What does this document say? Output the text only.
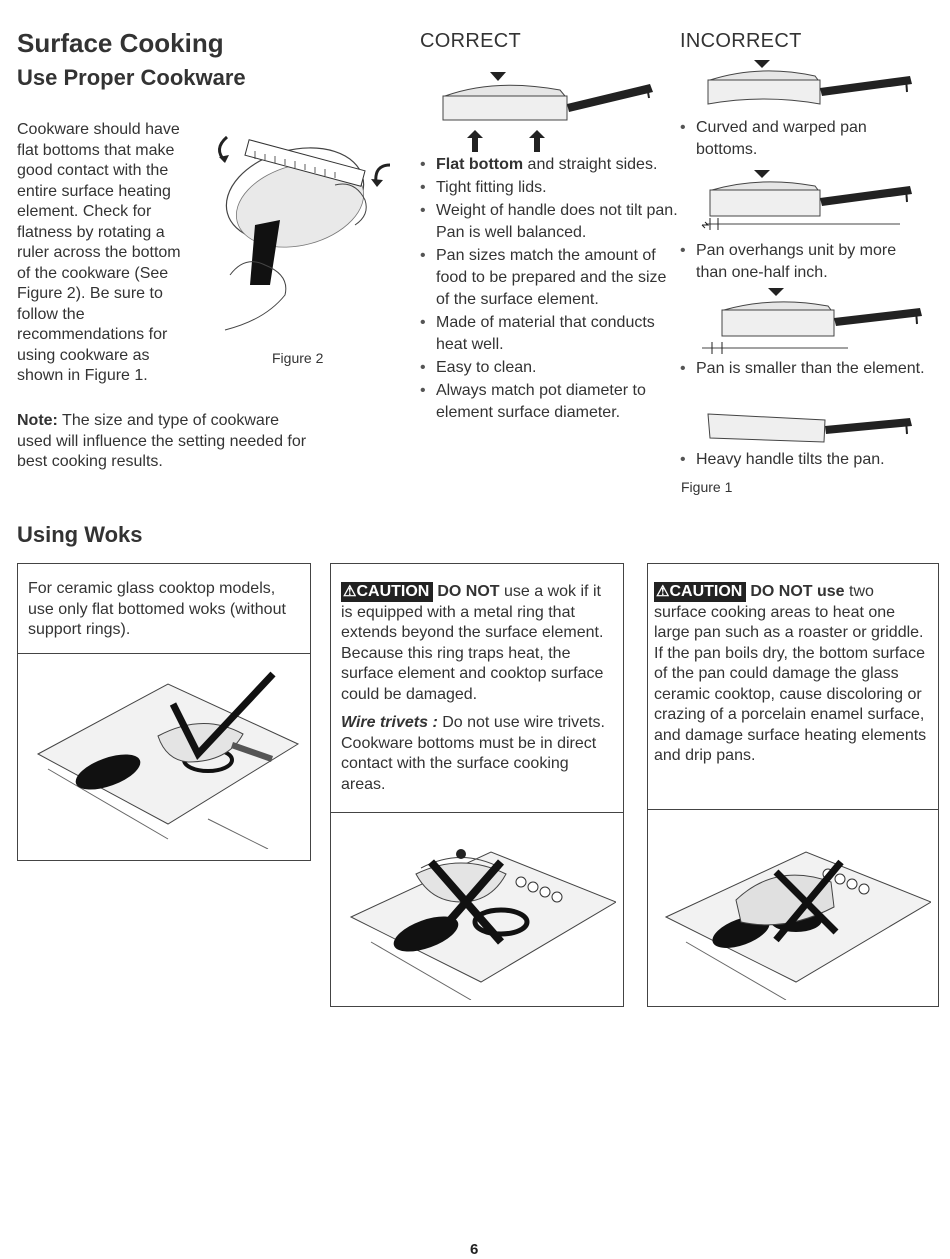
Surface Cooking
Use Proper Cookware
Cookware should have flat bottoms that make good contact with the entire surface heating element. Check for flatness by rotating a ruler across the bottom of the cookware (See Figure 2). Be sure to follow the recommendations for using cookware as shown in Figure 1.
Figure 2
Note: The size and type of cookware used will influence the setting needed for best cooking results.
CORRECT
• Flat bottom and straight sides.
• Tight fitting lids.
• Weight of handle does not tilt pan. Pan is well balanced.
• Pan sizes match the amount of food to be prepared and the size of the surface element.
• Made of material that conducts heat well.
• Easy to clean.
• Always match pot diameter to element surface diameter.
INCORRECT
• Curved and warped pan bottoms.
• Pan overhangs unit by more than one-half inch.
• Pan is smaller than the element.
• Heavy handle tilts the pan.
Figure 1
Using Woks
For ceramic glass cooktop models, use only flat bottomed woks (without support rings).
⚠CAUTION DO NOT use a wok if it is equipped with a metal ring that extends beyond the surface element. Because this ring traps heat, the surface element and cooktop surface could be damaged.
Wire trivets : Do not use wire trivets. Cookware bottoms must be in direct contact with the surface cooking areas.
⚠CAUTION DO NOT use two surface cooking areas to heat one large pan such as a roaster or griddle. If the pan boils dry, the bottom surface of the pan could damage the glass ceramic cooktop, cause discoloring or crazing of a porcelain enamel surface, and damage surface heating elements and drip pans.
6
